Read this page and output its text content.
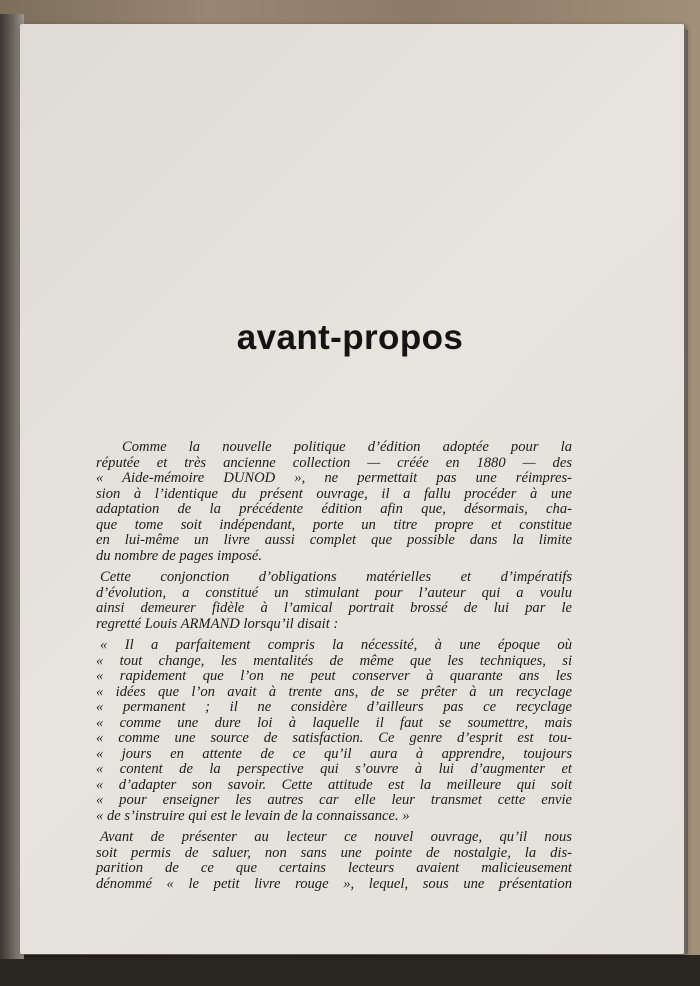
avant-propos
Comme la nouvelle politique d’édition adoptée pour la
réputée et très ancienne collection — créée en 1880 — des
« Aide-mémoire DUNOD », ne permettait pas une réimpres-
sion à l’identique du présent ouvrage, il a fallu procéder à une
adaptation de la précédente édition afin que, désormais, cha-
que tome soit indépendant, porte un titre propre et constitue
en lui-même un livre aussi complet que possible dans la limite
du nombre de pages imposé.
Cette conjonction d’obligations matérielles et d’impératifs
d’évolution, a constitué un stimulant pour l’auteur qui a voulu
ainsi demeurer fidèle à l’amical portrait brossé de lui par le
regretté Louis ARMAND lorsqu’il disait :
« Il a parfaitement compris la nécessité, à une époque où
« tout change, les mentalités de même que les techniques, si
« rapidement que l’on ne peut conserver à quarante ans les
« idées que l’on avait à trente ans, de se prêter à un recyclage
« permanent ; il ne considère d’ailleurs pas ce recyclage
« comme une dure loi à laquelle il faut se soumettre, mais
« comme une source de satisfaction. Ce genre d’esprit est tou-
« jours en attente de ce qu’il aura à apprendre, toujours
« content de la perspective qui s’ouvre à lui d’augmenter et
« d’adapter son savoir. Cette attitude est la meilleure qui soit
« pour enseigner les autres car elle leur transmet cette envie
« de s’instruire qui est le levain de la connaissance. »
Avant de présenter au lecteur ce nouvel ouvrage, qu’il nous
soit permis de saluer, non sans une pointe de nostalgie, la dis-
parition de ce que certains lecteurs avaient malicieusement
dénommé « le petit livre rouge », lequel, sous une présentation
